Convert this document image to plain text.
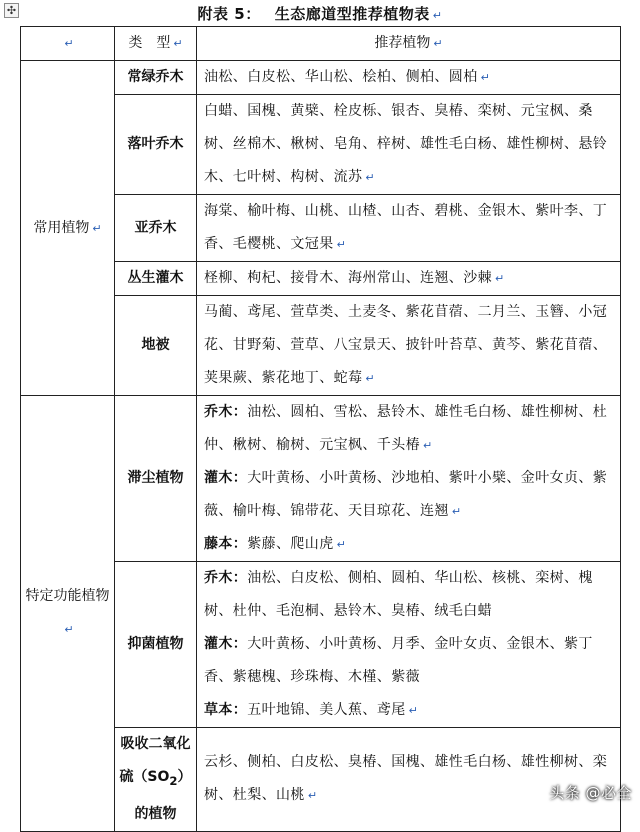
✣	附表 5： 生态廊道型推荐植物表 ↵
↵	类　型 ↵	推荐植物 ↵
常用植物 ↵	常绿乔木	油松、白皮松、华山松、桧柏、侧柏、圆柏 ↵
	落叶乔木	白蜡、国槐、黄檗、栓皮栎、银杏、臭椿、栾树、元宝枫、桑树、丝棉木、楸树、皂角、梓树、雄性毛白杨、雄性柳树、悬铃木、七叶树、构树、流苏 ↵
	亚乔木	海棠、榆叶梅、山桃、山楂、山杏、碧桃、金银木、紫叶李、丁香、毛樱桃、文冠果 ↵
	丛生灌木	柽柳、枸杞、接骨木、海州常山、连翘、沙棘 ↵
	地被	马蔺、鸢尾、萱草类、土麦冬、紫花苜蓿、二月兰、玉簪、小冠花、甘野菊、萱草、八宝景天、披针叶苔草、黄芩、紫花苜蓿、荚果蕨、紫花地丁、蛇莓 ↵
特定功能植物↵	滞尘植物	乔木：油松、圆柏、雪松、悬铃木、雄性毛白杨、雄性柳树、杜仲、楸树、榆树、元宝枫、千头椿 ↵
灌木：大叶黄杨、小叶黄杨、沙地柏、紫叶小檗、金叶女贞、紫薇、榆叶梅、锦带花、天目琼花、连翘 ↵
藤本：紫藤、爬山虎 ↵

	抑菌植物	乔木：油松、白皮松、侧柏、圆柏、华山松、核桃、栾树、槐树、杜仲、毛泡桐、悬铃木、臭椿、绒毛白蜡
灌木：大叶黄杨、小叶黄杨、月季、金叶女贞、金银木、紫丁香、紫穗槐、珍珠梅、木槿、紫薇
草本：五叶地锦、美人蕉、鸢尾 ↵

	吸收二氧化硫$(SO_2)$的植物	云杉、侧柏、白皮松、臭椿、国槐、雄性毛白杨、雄性柳树、栾树、杜梨、山桃 ↵	头条 @必全
